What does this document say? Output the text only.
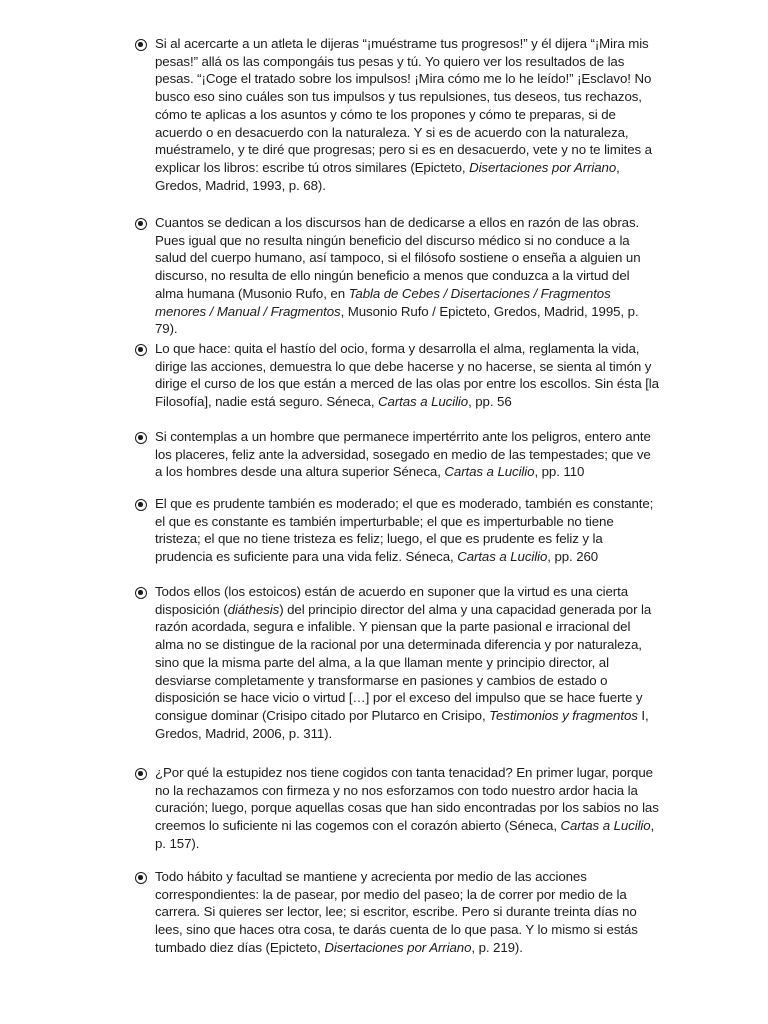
Si al acercarte a un atleta le dijeras “¡muéstrame tus progresos!” y él dijera “¡Mira mis pesas!” allá os las compongáis tus pesas y tú. Yo quiero ver los resultados de las pesas. “¡Coge el tratado sobre los impulsos! ¡Mira cómo me lo he leído!” ¡Esclavo! No busco eso sino cuáles son tus impulsos y tus repulsiones, tus deseos, tus rechazos, cómo te aplicas a los asuntos y cómo te los propones y cómo te preparas, si de acuerdo o en desacuerdo con la naturaleza. Y si es de acuerdo con la naturaleza, muéstramelo, y te diré que progresas; pero si es en desacuerdo, vete y no te limites a explicar los libros: escribe tú otros similares (Epicteto, Disertaciones por Arriano, Gredos, Madrid, 1993, p. 68).
Cuantos se dedican a los discursos han de dedicarse a ellos en razón de las obras. Pues igual que no resulta ningún beneficio del discurso médico si no conduce a la salud del cuerpo humano, así tampoco, si el filósofo sostiene o enseña a alguien un discurso, no resulta de ello ningún beneficio a menos que conduzca a la virtud del alma humana (Musonio Rufo, en Tabla de Cebes / Disertaciones / Fragmentos menores / Manual / Fragmentos, Musonio Rufo / Epicteto, Gredos, Madrid, 1995, p. 79).
Lo que hace: quita el hastío del ocio, forma y desarrolla el alma, reglamenta la vida, dirige las acciones, demuestra lo que debe hacerse y no hacerse, se sienta al timón y dirige el curso de los que están a merced de las olas por entre los escollos. Sin ésta [la Filosofía], nadie está seguro. Séneca, Cartas a Lucilio, pp. 56
Si contemplas a un hombre que permanece impertérrito ante los peligros, entero ante los placeres, feliz ante la adversidad, sosegado en medio de las tempestades; que ve a los hombres desde una altura superior Séneca, Cartas a Lucilio, pp. 110
El que es prudente también es moderado; el que es moderado, también es constante; el que es constante es también imperturbable; el que es imperturbable no tiene tristeza; el que no tiene tristeza es feliz; luego, el que es prudente es feliz y la prudencia es suficiente para una vida feliz. Séneca, Cartas a Lucilio, pp. 260
Todos ellos (los estoicos) están de acuerdo en suponer que la virtud es una cierta disposición (diáthesis) del principio director del alma y una capacidad generada por la razón acordada, segura e infalible. Y piensan que la parte pasional e irracional del alma no se distingue de la racional por una determinada diferencia y por naturaleza, sino que la misma parte del alma, a la que llaman mente y principio director, al desviarse completamente y transformarse en pasiones y cambios de estado o disposición se hace vicio o virtud […] por el exceso del impulso que se hace fuerte y consigue dominar (Crisipo citado por Plutarco en Crisipo, Testimonios y fragmentos I, Gredos, Madrid, 2006, p. 311).
¿Por qué la estupidez nos tiene cogidos con tanta tenacidad? En primer lugar, porque no la rechazamos con firmeza y no nos esforzamos con todo nuestro ardor hacia la curación; luego, porque aquellas cosas que han sido encontradas por los sabios no las creemos lo suficiente ni las cogemos con el corazón abierto (Séneca, Cartas a Lucilio, p. 157).
Todo hábito y facultad se mantiene y acrecienta por medio de las acciones correspondientes: la de pasear, por medio del paseo; la de correr por medio de la carrera. Si quieres ser lector, lee; si escritor, escribe. Pero si durante treinta días no lees, sino que haces otra cosa, te darás cuenta de lo que pasa. Y lo mismo si estás tumbado diez días (Epicteto, Disertaciones por Arriano, p. 219).
